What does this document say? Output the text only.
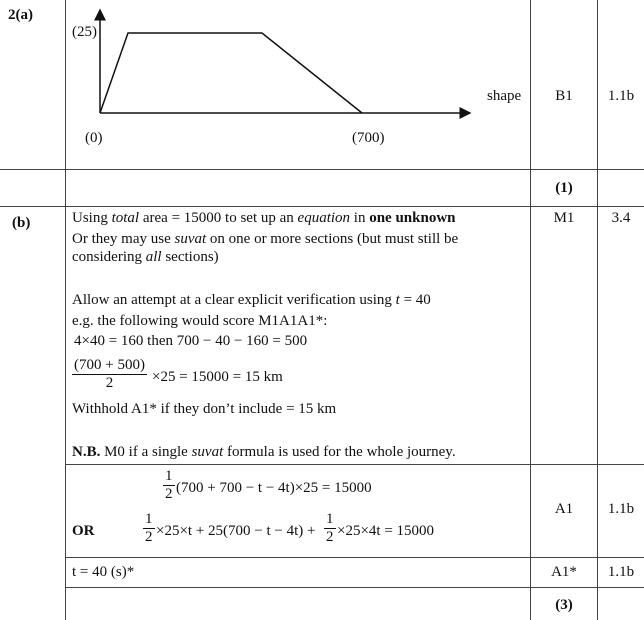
2(a)
(25)
(0)	(700)
shape	B1	1.1b
(1)
(b)	Using total area = 15000 to set up an equation in one unknown
Or they may use suvat on one or more sections (but must still be
considering all sections)
Allow an attempt at a clear explicit verification using t = 40
e.g. the following would score M1A1A1*:
4×40 = 160 then 700 − 40 − 160 = 500
$\frac{(700 + 500)}{2} \times 25 = 15000 = 15$ km
Withhold A1* if they don’t include = 15 km
N.B. M0 if a single suvat formula is used for the whole journey.
M1	3.4
$\frac{1}{2} (700 + 700 - t - 4t)\times 25 = 15000$
OR	$\frac{1}{2} \times 25\times t + 25(700 - t - 4t) + \frac{1}{2} \times 25\times 4t = 15000$
A1	1.1b
t = 40 (s)*	A1*	1.1b
(3)
